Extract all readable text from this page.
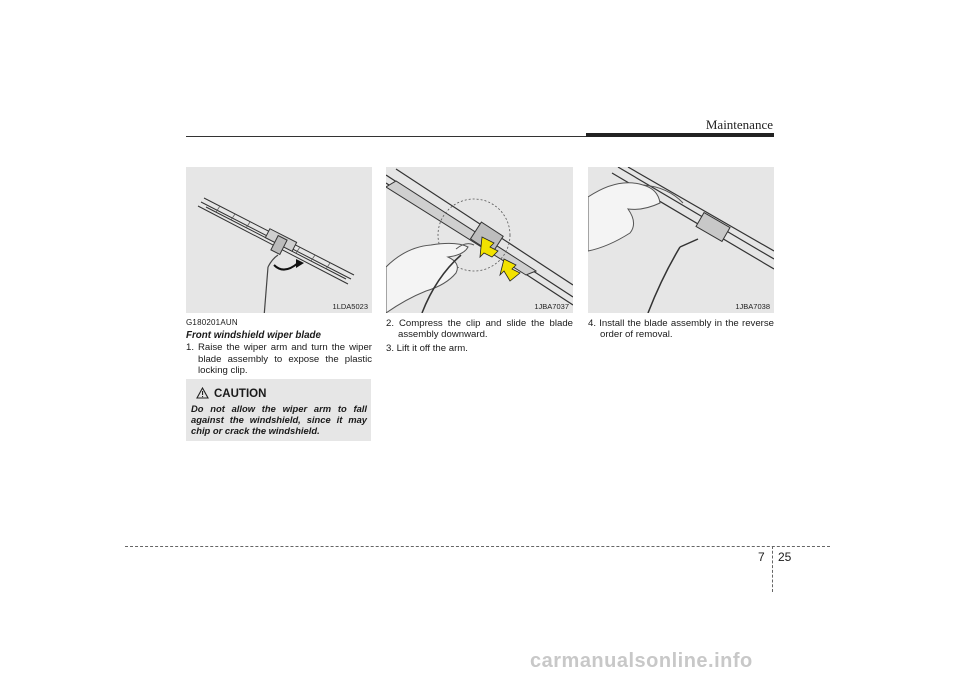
Maintenance
1LDA5023	1JBA7037	1JBA7038
G180201AUN
Front windshield wiper blade
1. Raise the wiper arm and turn the wiper blade assembly to expose the plastic locking clip.
CAUTION
Do not allow the wiper arm to fall against the windshield, since it may chip or crack the windshield.
2. Compress the clip and slide the blade assembly downward.
3. Lift it off the arm.
4. Install the blade assembly in the reverse order of removal.
7 25
carmanualsonline.info
